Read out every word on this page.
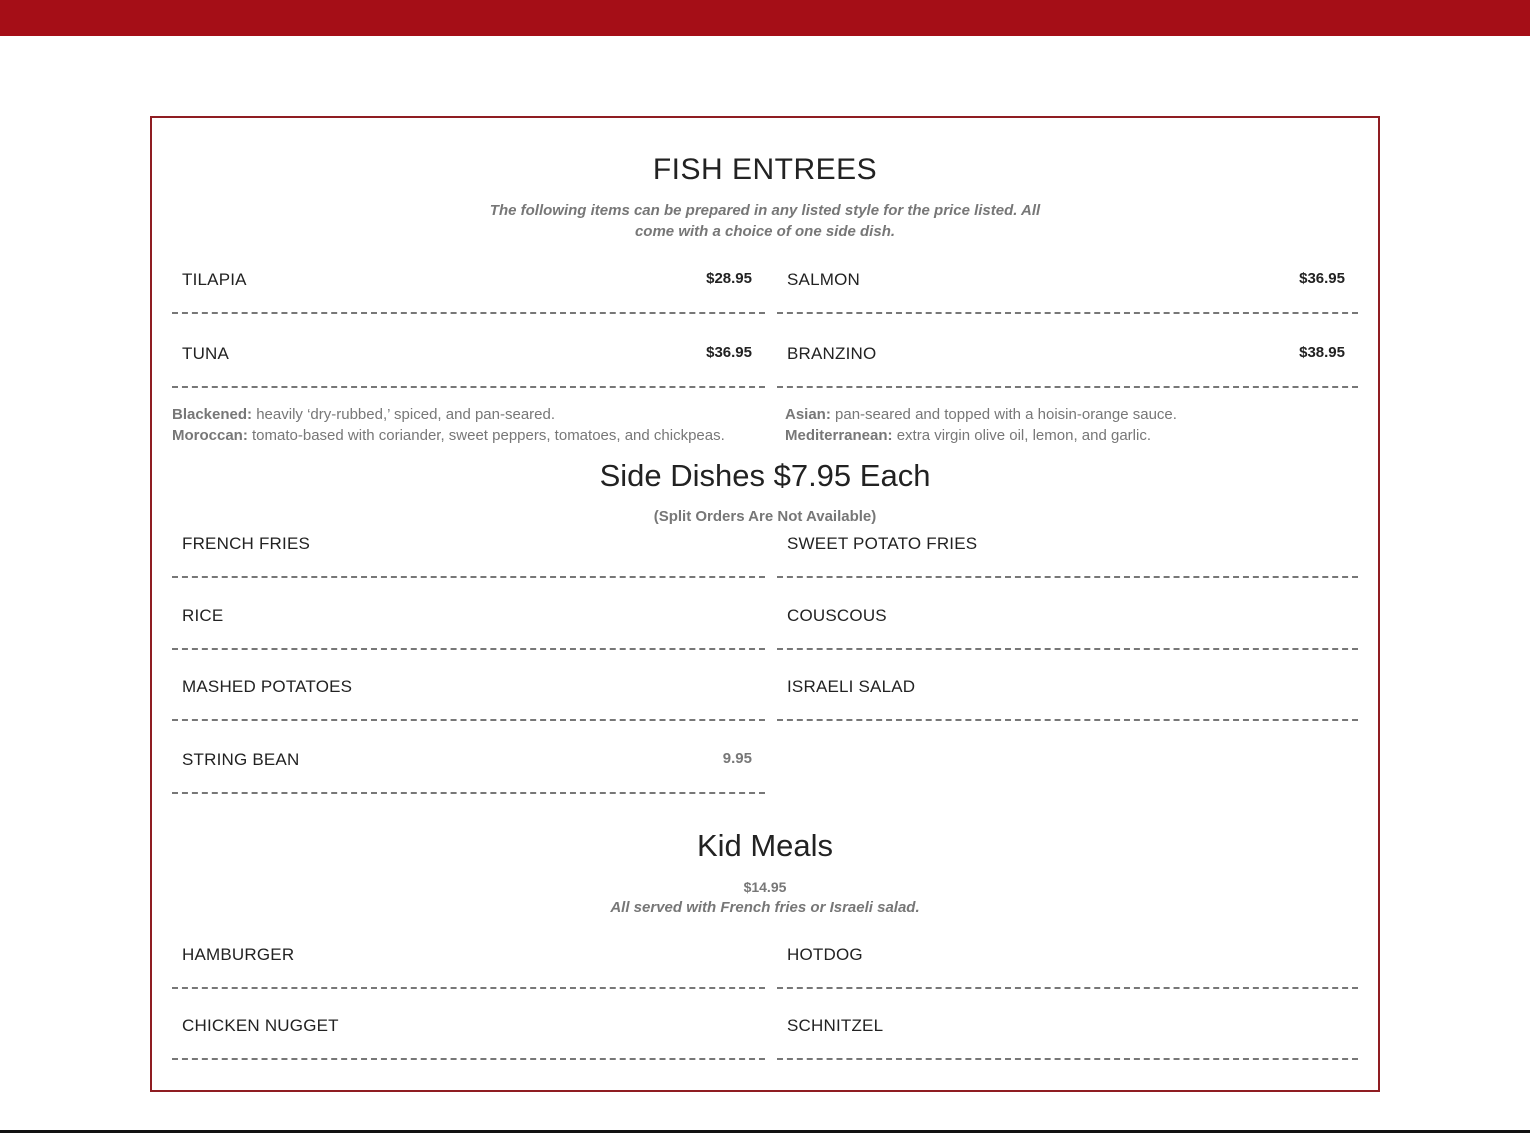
FISH ENTREES
The following items can be prepared in any listed style for the price listed. All come with a choice of one side dish.
TILAPIA	$28.95 SALMON	$36.95
TUNA	$36.95 BRANZINO	$38.95
Blackened: heavily ‘dry-rubbed,’ spiced, and pan-seared.
Moroccan: tomato-based with coriander, sweet peppers, tomatoes, and chickpeas.
Asian: pan-seared and topped with a hoisin-orange sauce.
Mediterranean: extra virgin olive oil, lemon, and garlic.
Side Dishes $7.95 Each
(Split Orders Are Not Available)
FRENCH FRIES	SWEET POTATO FRIES
RICE	COUSCOUS
MASHED POTATOES	ISRAELI SALAD
STRING BEAN	9.95
Kid Meals
$14.95
All served with French fries or Israeli salad.
HAMBURGER	HOTDOG
CHICKEN NUGGET	SCHNITZEL
